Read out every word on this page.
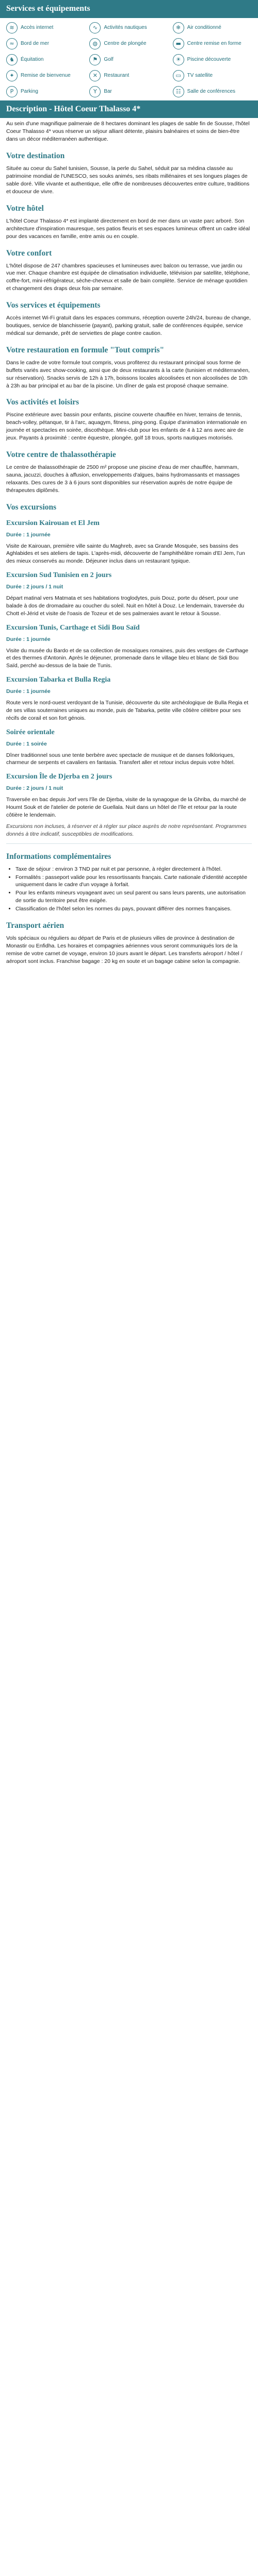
Services et équipements
≋	Accès internet	∿	Activités nautiques	❄	Air conditionné
≈	Bord de mer	◍	Centre de plongée	▬	Centre remise en forme
♞	Équitation	⚑	Golf	☀	Piscine découverte
✦	Remise de bienvenue	✕	Restaurant	▭	TV satellite
P	Parking	Y	Bar	☷	Salle de conférences
Description - Hôtel Coeur Thalasso 4*

Au sein d'une magnifique palmeraie de 8 hectares dominant les plages de sable fin de Sousse, l'hôtel Coeur Thalasso 4* vous réserve un séjour alliant détente, plaisirs balnéaires et soins de bien-être dans un décor méditerranéen authentique.

Votre destination

Située au coeur du Sahel tunisien, Sousse, la perle du Sahel, séduit par sa médina classée au patrimoine mondial de l'UNESCO, ses souks animés, ses ribats millénaires et ses longues plages de sable doré. Ville vivante et authentique, elle offre de nombreuses découvertes entre culture, traditions et douceur de vivre.

Votre hôtel

L'hôtel Coeur Thalasso 4* est implanté directement en bord de mer dans un vaste parc arboré. Son architecture d'inspiration mauresque, ses patios fleuris et ses espaces lumineux offrent un cadre idéal pour des vacances en famille, entre amis ou en couple.

Votre confort

L'hôtel dispose de 247 chambres spacieuses et lumineuses avec balcon ou terrasse, vue jardin ou vue mer. Chaque chambre est équipée de climatisation individuelle, télévision par satellite, téléphone, coffre-fort, mini-réfrigérateur, sèche-cheveux et salle de bain complète. Service de ménage quotidien et changement des draps deux fois par semaine.

Vos services et équipements

Accès internet Wi-Fi gratuit dans les espaces communs, réception ouverte 24h/24, bureau de change, boutiques, service de blanchisserie (payant), parking gratuit, salle de conférences équipée, service médical sur demande, prêt de serviettes de plage contre caution.

Votre restauration en formule "Tout compris"

Dans le cadre de votre formule tout compris, vous profiterez du restaurant principal sous forme de buffets variés avec show-cooking, ainsi que de deux restaurants à la carte (tunisien et méditerranéen, sur réservation). Snacks servis de 12h à 17h, boissons locales alcoolisées et non alcoolisées de 10h à 23h au bar principal et au bar de la piscine. Un dîner de gala est proposé chaque semaine.

Vos activités et loisirs

Piscine extérieure avec bassin pour enfants, piscine couverte chauffée en hiver, terrains de tennis, beach-volley, pétanque, tir à l'arc, aquagym, fitness, ping-pong. Équipe d'animation internationale en journée et spectacles en soirée, discothèque. Mini-club pour les enfants de 4 à 12 ans avec aire de jeux. Payants à proximité : centre équestre, plongée, golf 18 trous, sports nautiques motorisés.

Votre centre de thalassothérapie

Le centre de thalassothérapie de 2500 m² propose une piscine d'eau de mer chauffée, hammam, sauna, jacuzzi, douches à affusion, enveloppements d'algues, bains hydromassants et massages relaxants. Des cures de 3 à 6 jours sont disponibles sur réservation auprès de notre équipe de thérapeutes diplômés.

Vos excursions
Excursion Kairouan et El Jem

Durée : 1 journée

Visite de Kairouan, première ville sainte du Maghreb, avec sa Grande Mosquée, ses bassins des Aghlabides et ses ateliers de tapis. L'après-midi, découverte de l'amphithéâtre romain d'El Jem, l'un des mieux conservés au monde. Déjeuner inclus dans un restaurant typique.

Excursion Sud Tunisien en 2 jours

Durée : 2 jours / 1 nuit

Départ matinal vers Matmata et ses habitations troglodytes, puis Douz, porte du désert, pour une balade à dos de dromadaire au coucher du soleil. Nuit en hôtel à Douz. Le lendemain, traversée du Chott el-Jérid et visite de l'oasis de Tozeur et de ses palmeraies avant le retour à Sousse.

Excursion Tunis, Carthage et Sidi Bou Saïd

Durée : 1 journée

Visite du musée du Bardo et de sa collection de mosaïques romaines, puis des vestiges de Carthage et des thermes d'Antonin. Après le déjeuner, promenade dans le village bleu et blanc de Sidi Bou Saïd, perché au-dessus de la baie de Tunis.

Excursion Tabarka et Bulla Regia

Durée : 1 journée

Route vers le nord-ouest verdoyant de la Tunisie, découverte du site archéologique de Bulla Regia et de ses villas souterraines uniques au monde, puis de Tabarka, petite ville côtière célèbre pour ses récifs de corail et son fort génois.

Soirée orientale

Durée : 1 soirée

Dîner traditionnel sous une tente berbère avec spectacle de musique et de danses folkloriques, charmeur de serpents et cavaliers en fantasia. Transfert aller et retour inclus depuis votre hôtel.

Excursion Île de Djerba en 2 jours

Durée : 2 jours / 1 nuit

Traversée en bac depuis Jorf vers l'île de Djerba, visite de la synagogue de la Ghriba, du marché de Houmt Souk et de l'atelier de poterie de Guellala. Nuit dans un hôtel de l'île et retour par la route côtière le lendemain.

Excursions non incluses, à réserver et à régler sur place auprès de notre représentant. Programmes donnés à titre indicatif, susceptibles de modifications.

Informations complémentaires
• Taxe de séjour : environ 3 TND par nuit et par personne, à régler directement à l'hôtel.
• Formalités : passeport valide pour les ressortissants français. Carte nationale d'identité acceptée uniquement dans le cadre d'un voyage à forfait.
• Pour les enfants mineurs voyageant avec un seul parent ou sans leurs parents, une autorisation de sortie du territoire peut être exigée.
• Classification de l'hôtel selon les normes du pays, pouvant différer des normes françaises.
Transport aérien

Vols spéciaux ou réguliers au départ de Paris et de plusieurs villes de province à destination de Monastir ou Enfidha. Les horaires et compagnies aériennes vous seront communiqués lors de la remise de votre carnet de voyage, environ 10 jours avant le départ. Les transferts aéroport / hôtel / aéroport sont inclus. Franchise bagage : 20 kg en soute et un bagage cabine selon la compagnie.
